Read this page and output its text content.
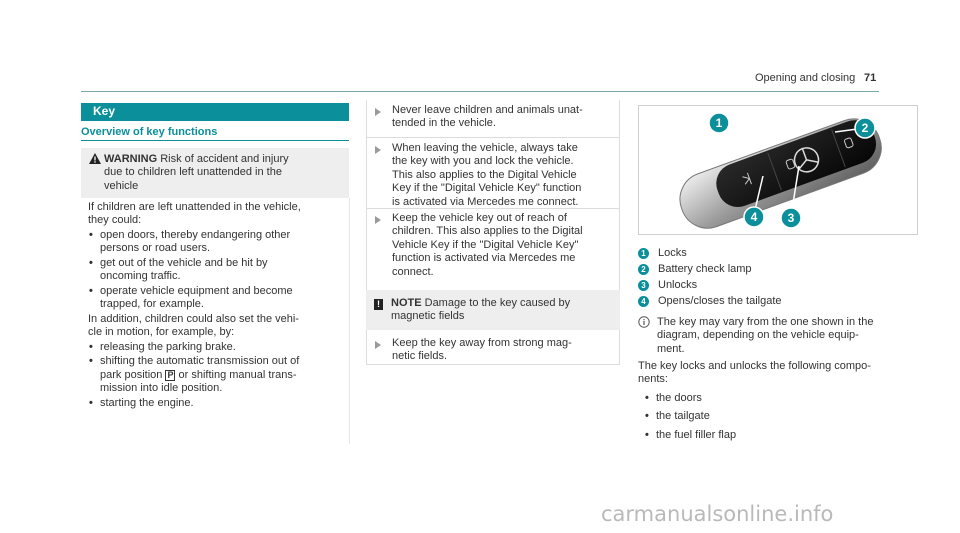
Opening and closing 71
Key
Overview of key functions
WARNING Risk of accident and injury
due to children left unattended in the
vehicle
If children are left unattended in the vehicle,
they could:
• open doors, thereby endangering other
persons or road users.
• get out of the vehicle and be hit by
oncoming traffic.
• operate vehicle equipment and become
trapped, for example.
In addition, children could also set the vehi-
cle in motion, for example, by:
• releasing the parking brake.
• shifting the automatic transmission out of
park position P or shifting manual trans-
mission into idle position.
• starting the engine.
Never leave children and animals unat-
tended in the vehicle.
When leaving the vehicle, always take
the key with you and lock the vehicle.
This also applies to the Digital Vehicle
Key if the "Digital Vehicle Key" function
is activated via Mercedes me connect.
Keep the vehicle key out of reach of
children. This also applies to the Digital
Vehicle Key if the "Digital Vehicle Key"
function is activated via Mercedes me
connect.
! NOTE Damage to the key caused by
magnetic fields
Keep the key away from strong mag-
netic fields.
1	2
3
4
1 Locks
2 Battery check lamp
3 Unlocks
4 Opens/closes the tailgate
The key may vary from the one shown in the
diagram, depending on the vehicle equip-
ment.
The key locks and unlocks the following compo-
nents:
• the doors
• the tailgate
• the fuel filler flap
carmanualsonline.info
